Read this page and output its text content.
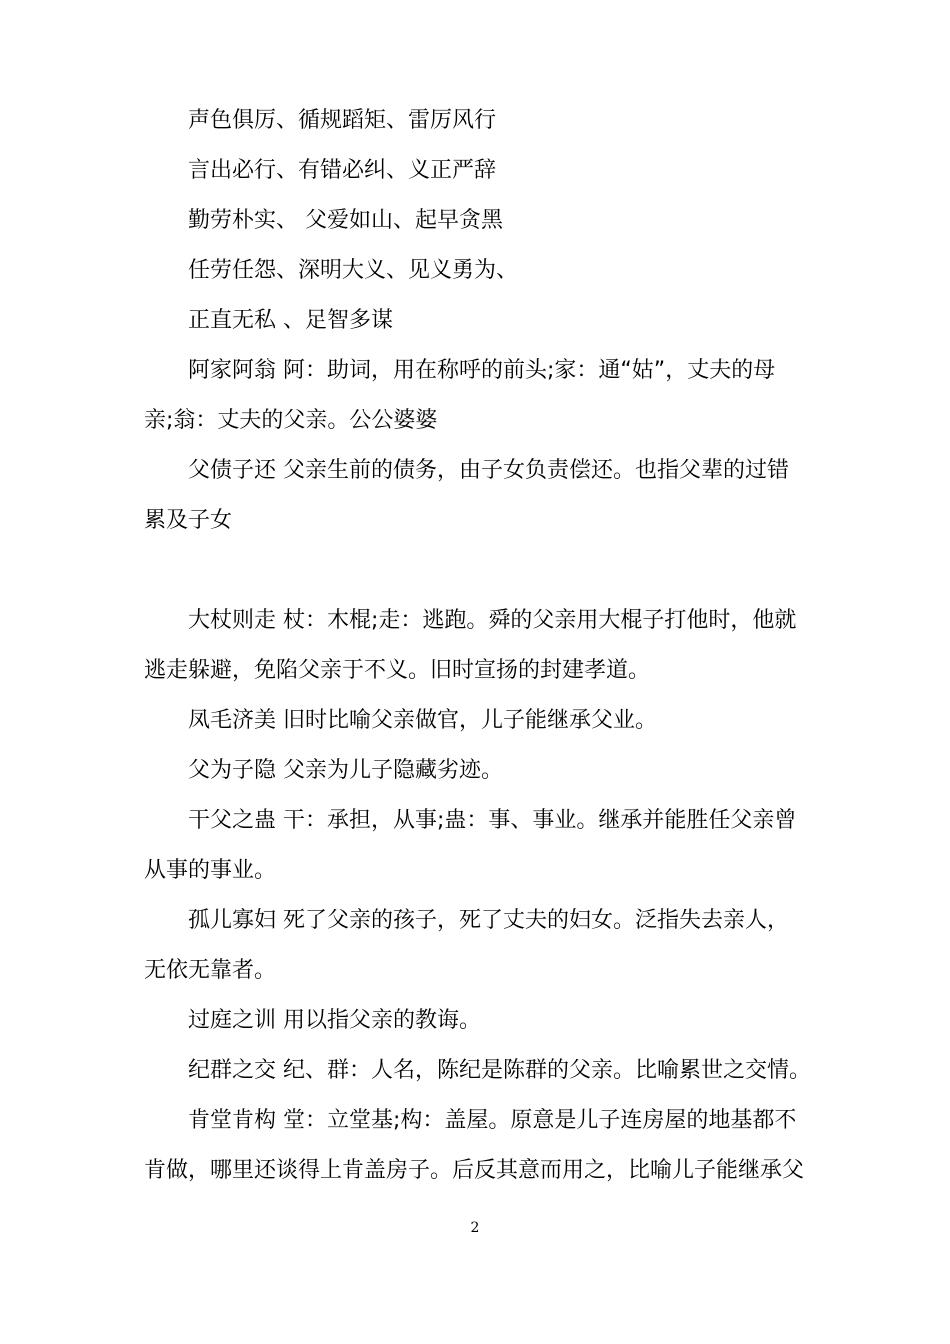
声色俱厉、循规蹈矩、雷厉风行
言出必行、有错必纠、义正严辞
勤劳朴实、 父爱如山、起早贪黑
任劳任怨、深明大义、见义勇为、
正直无私 、足智多谋
阿家阿翁 阿：助词，用在称呼的前头;家：通“姑”，丈夫的母
亲;翁：丈夫的父亲。公公婆婆
父债子还 父亲生前的债务，由子女负责偿还。也指父辈的过错
累及子女
大杖则走 杖：木棍;走：逃跑。舜的父亲用大棍子打他时，他就
逃走躲避，免陷父亲于不义。旧时宣扬的封建孝道。
凤毛济美 旧时比喻父亲做官，儿子能继承父业。
父为子隐 父亲为儿子隐藏劣迹。
干父之蛊 干：承担，从事;蛊：事、事业。继承并能胜任父亲曾
从事的事业。
孤儿寡妇 死了父亲的孩子，死了丈夫的妇女。泛指失去亲人，
无依无靠者。
过庭之训 用以指父亲的教诲。
纪群之交 纪、群：人名，陈纪是陈群的父亲。比喻累世之交情。
肯堂肯构 堂：立堂基;构：盖屋。原意是儿子连房屋的地基都不
肯做，哪里还谈得上肯盖房子。后反其意而用之，比喻儿子能继承父
2
